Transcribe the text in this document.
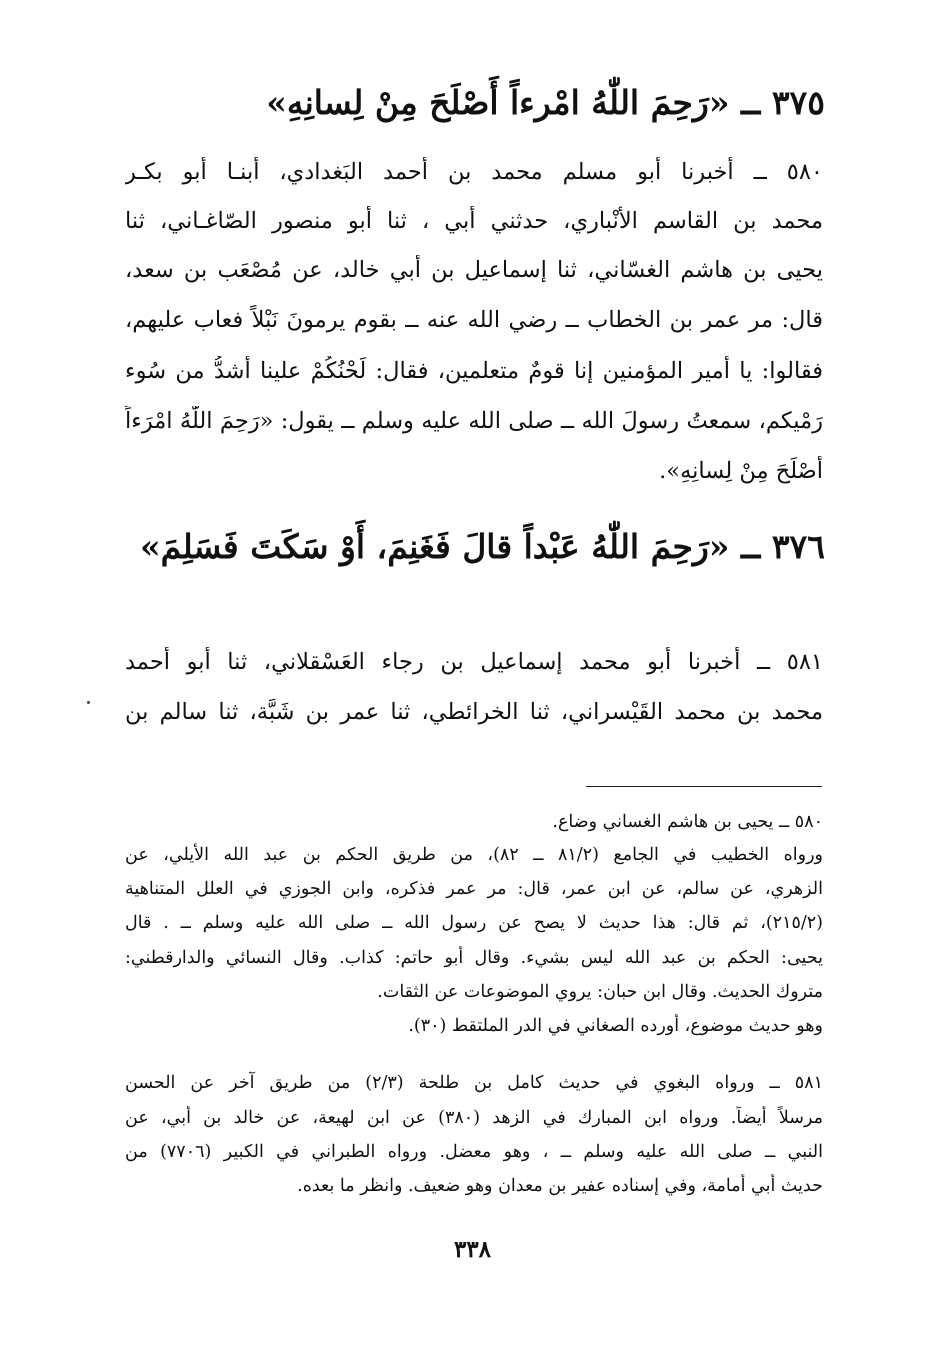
٣٧٥ ــ «رَحِمَ اللّٰهُ امْرءاً أَصْلَحَ مِنْ لِسانِهِ»
٥٨٠ ــ أخبرنا أبو مسلم محمد بن أحمد البَغدادي، أبنـا أبو بكـر
محمد بن القاسم الأَنْباري، حدثني أبي ، ثنا أبو منصور الصّاغـاني، ثنا
يحيى بن هاشم الغسّاني، ثنا إسماعيل بن أبي خالد، عن مُصْعَب بن سعد،
قال: مر عمر بن الخطاب ــ رضي الله عنه ــ بقوم يرمونَ نَبْلاً فعاب عليهم،
فقالوا: يا أمير المؤمنين إنا قومٌ متعلمين، فقال: لَحْنُكُمْ علينا أشدُّ من سُوء
رَمْيكم، سمعتُ رسولَ الله ــ صلى الله عليه وسلم ــ يقول: «رَحِمَ اللّٰهُ امْرَءاً
أَصْلَحَ مِنْ لِسانِهِ».
٣٧٦ ــ «رَحِمَ اللّٰهُ عَبْداً قالَ فَغَنِمَ، أَوْ سَكَتَ فَسَلِمَ»
٥٨١ ــ أخبرنا أبو محمد إسماعيل بن رجاء العَسْقلاني، ثنا أبو أحمد
محمد بن محمد القَيْسراني، ثنا الخرائطي، ثنا عمر بن شَبَّة، ثنا سالم بن
٥٨٠ ــ يحيى بن هاشم الغساني وضاع.
ورواه الخطيب في الجامع (٨١/٢ ــ ٨٢)، من طريق الحكم بن عبد الله الأيلي، عن
الزهري، عن سالم، عن ابن عمر، قال: مر عمر فذكره، وابن الجوزي في العلل المتناهية
(٢١٥/٢)، ثم قال: هذا حديث لا يصح عن رسول الله ــ صلى الله عليه وسلم ــ . قال
يحيى: الحكم بن عبد الله ليس بشيء. وقال أبو حاتم: كذاب. وقال النسائي والدارقطني:
متروك الحديث. وقال ابن حبان: يروي الموضوعات عن الثقات.
وهو حديث موضوع، أورده الصغاني في الدر الملتقط (٣٠).
٥٨١ ــ ورواه البغوي في حديث كامل بن طلحة (٢/٣) من طريق آخر عن الحسن
مرسلاً أيضاً. ورواه ابن المبارك في الزهد (٣٨٠) عن ابن لهيعة، عن خالد بن أبي، عن
النبي ــ صلى الله عليه وسلم ــ ، وهو معضل. ورواه الطبراني في الكبير (٧٧٠٦) من
حديث أبي أمامة، وفي إسناده عفير بن معدان وهو ضعيف. وانظر ما بعده.
٣٣٨
